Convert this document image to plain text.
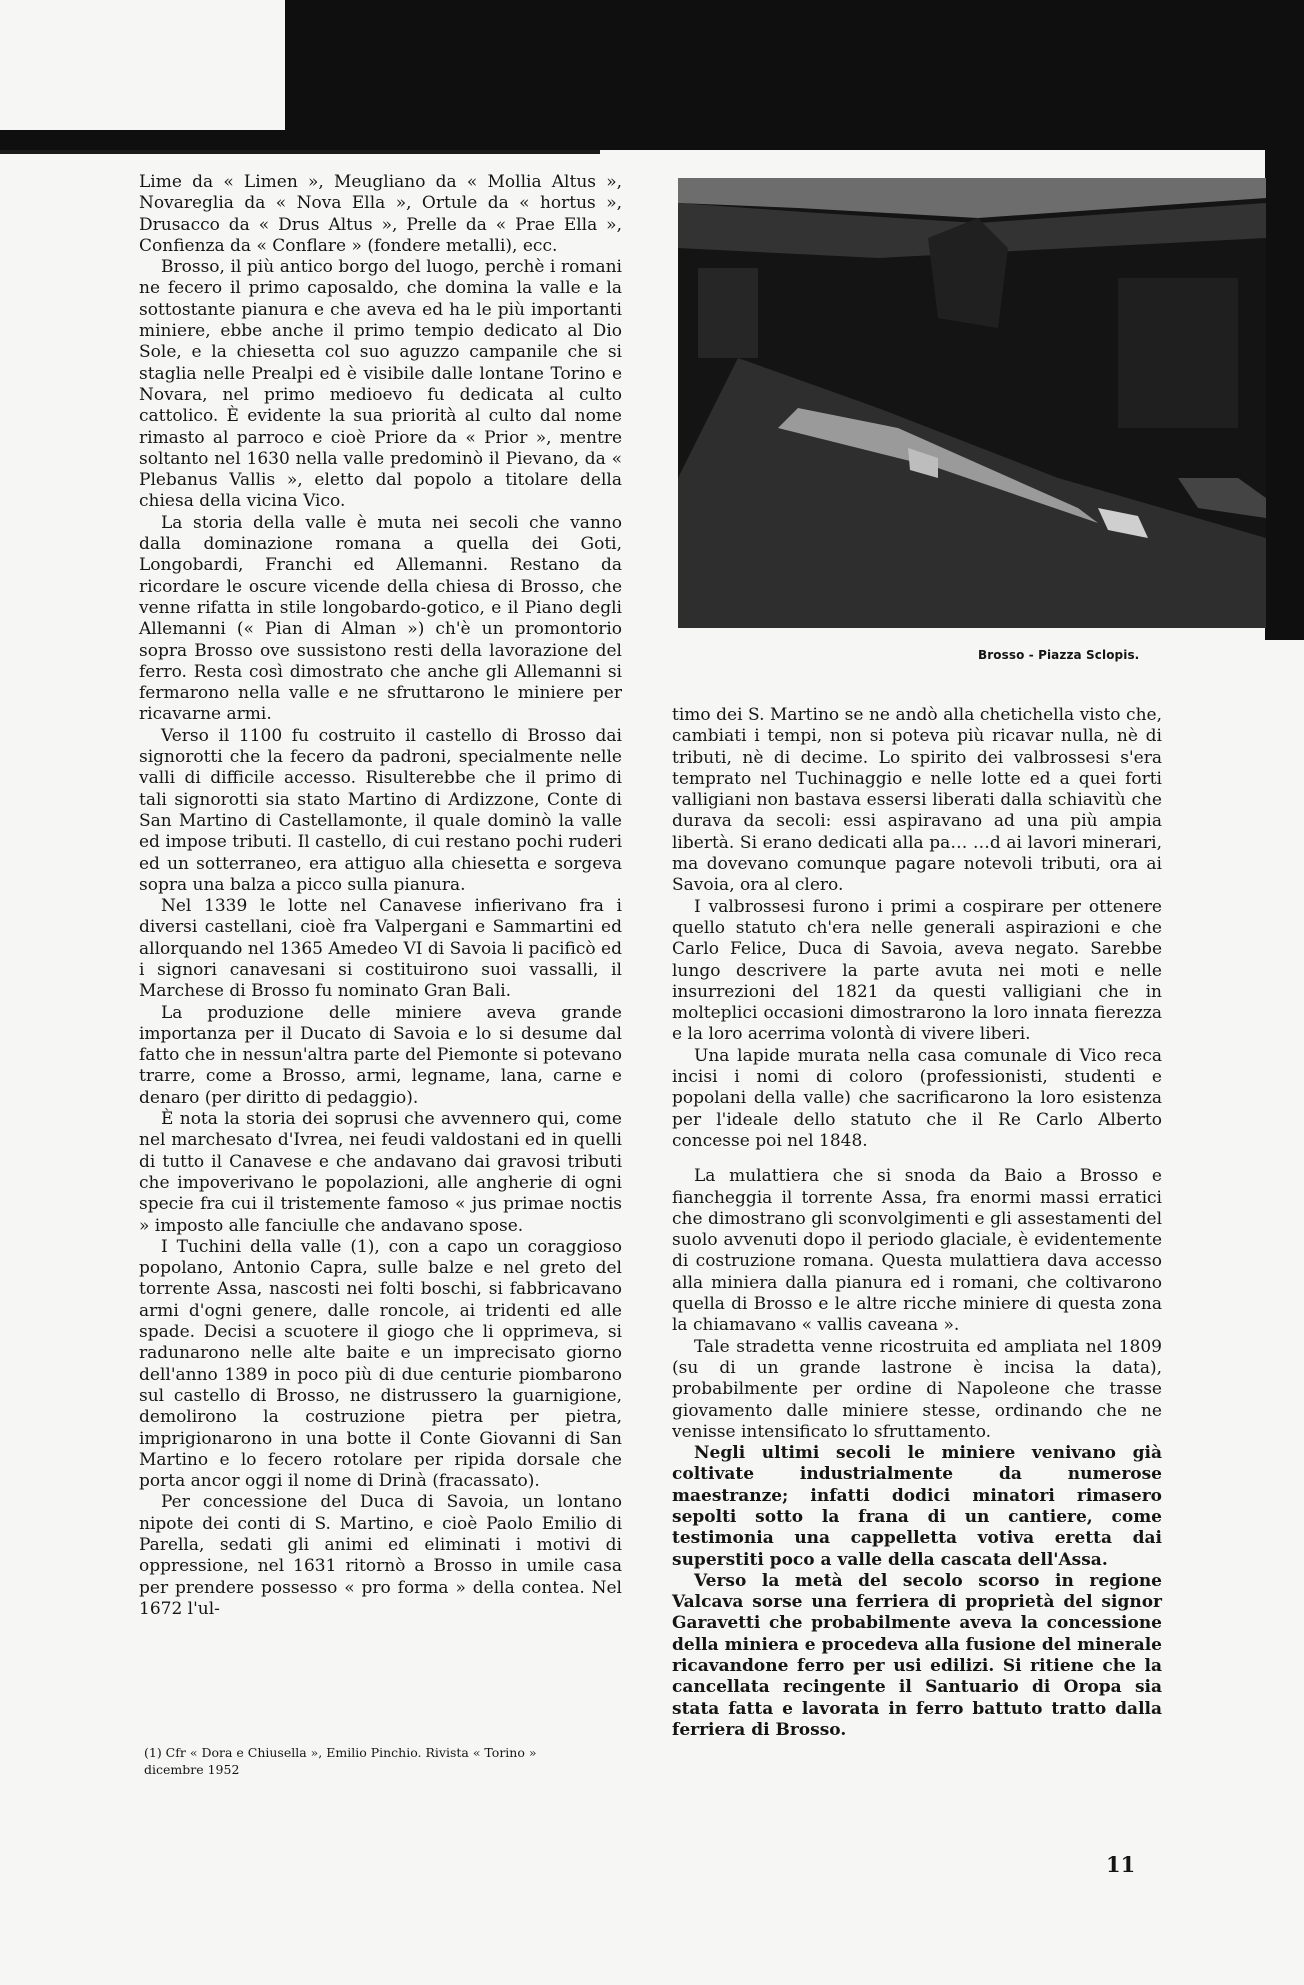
Brosso - Piazza Sclopis.

Lime da « Limen », Meugliano da « Mollia Altus », Novareglia da « Nova Ella », Ortule da « hortus », Drusacco da « Drus Altus », Prelle da « Prae Ella », Confienza da « Conflare » (fondere metalli), ecc.

Brosso, il più antico borgo del luogo, perchè i romani ne fecero il primo caposaldo, che domina la valle e la sottostante pianura e che aveva ed ha le più importanti miniere, ebbe anche il primo tempio dedicato al Dio Sole, e la chiesetta col suo aguzzo campanile che si staglia nelle Prealpi ed è visibile dalle lontane Torino e Novara, nel primo medioevo fu dedicata al culto cattolico. È evidente la sua priorità al culto dal nome rimasto al parroco e cioè Priore da « Prior », mentre soltanto nel 1630 nella valle predominò il Pievano, da « Plebanus Vallis », eletto dal popolo a titolare della chiesa della vicina Vico.

La storia della valle è muta nei secoli che vanno dalla dominazione romana a quella dei Goti, Longobardi, Franchi ed Allemanni. Restano da ricordare le oscure vicende della chiesa di Brosso, che venne rifatta in stile longobardo-gotico, e il Piano degli Allemanni (« Pian di Alman ») ch'è un promontorio sopra Brosso ove sussistono resti della lavorazione del ferro. Resta così dimostrato che anche gli Allemanni si fermarono nella valle e ne sfruttarono le miniere per ricavarne armi.

Verso il 1100 fu costruito il castello di Brosso dai signorotti che la fecero da padroni, specialmente nelle valli di difficile accesso. Risulterebbe che il primo di tali signorotti sia stato Martino di Ardizzone, Conte di San Martino di Castellamonte, il quale dominò la valle ed impose tributi. Il castello, di cui restano pochi ruderi ed un sotterraneo, era attiguo alla chiesetta e sorgeva sopra una balza a picco sulla pianura.

Nel 1339 le lotte nel Canavese infierivano fra i diversi castellani, cioè fra Valpergani e Sammartini ed allorquando nel 1365 Amedeo VI di Savoia li pacificò ed i signori canavesani si costituirono suoi vassalli, il Marchese di Brosso fu nominato Gran Bali.

La produzione delle miniere aveva grande importanza per il Ducato di Savoia e lo si desume dal fatto che in nessun'altra parte del Piemonte si potevano trarre, come a Brosso, armi, legname, lana, carne e denaro (per diritto di pedaggio).

È nota la storia dei soprusi che avvennero qui, come nel marchesato d'Ivrea, nei feudi valdostani ed in quelli di tutto il Canavese e che andavano dai gravosi tributi che impoverivano le popolazioni, alle angherie di ogni specie fra cui il tristemente famoso « jus primae noctis » imposto alle fanciulle che andavano spose.

I Tuchini della valle (1), con a capo un coraggioso popolano, Antonio Capra, sulle balze e nel greto del torrente Assa, nascosti nei folti boschi, si fabbricavano armi d'ogni genere, dalle roncole, ai tridenti ed alle spade. Decisi a scuotere il giogo che li opprimeva, si radunarono nelle alte baite e un imprecisato giorno dell'anno 1389 in poco più di due centurie piombarono sul castello di Brosso, ne distrussero la guarnigione, demolirono la costruzione pietra per pietra, imprigionarono in una botte il Conte Giovanni di San Martino e lo fecero rotolare per ripida dorsale che porta ancor oggi il nome di Drinà (fracassato).

Per concessione del Duca di Savoia, un lontano nipote dei conti di S. Martino, e cioè Paolo Emilio di Parella, sedati gli animi ed eliminati i motivi di oppressione, nel 1631 ritornò a Brosso in umile casa per prendere possesso « pro forma » della contea. Nel 1672 l'ul-

(1) Cfr « Dora e Chiusella », Emilio Pinchio. Rivista « Torino »

dicembre 1952

timo dei S. Martino se ne andò alla chetichella visto che, cambiati i tempi, non si poteva più ricavar nulla, nè di tributi, nè di decime. Lo spirito dei valbrossesi s'era temprato nel Tuchinaggio e nelle lotte ed a quei forti valligiani non bastava essersi liberati dalla schiavitù che durava da secoli: essi aspiravano ad una più ampia libertà. Si erano dedicati alla pa… …d ai lavori minerari, ma dovevano comunque pagare notevoli tributi, ora ai Savoia, ora al clero.

I valbrossesi furono i primi a cospirare per ottenere quello statuto ch'era nelle generali aspirazioni e che Carlo Felice, Duca di Savoia, aveva negato. Sarebbe lungo descrivere la parte avuta nei moti e nelle insurrezioni del 1821 da questi valligiani che in molteplici occasioni dimostrarono la loro innata fierezza e la loro acerrima volontà di vivere liberi.

Una lapide murata nella casa comunale di Vico reca incisi i nomi di coloro (professionisti, studenti e popolani della valle) che sacrificarono la loro esistenza per l'ideale dello statuto che il Re Carlo Alberto concesse poi nel 1848.

La mulattiera che si snoda da Baio a Brosso e fiancheggia il torrente Assa, fra enormi massi erratici che dimostrano gli sconvolgimenti e gli assestamenti del suolo avvenuti dopo il periodo glaciale, è evidentemente di costruzione romana. Questa mulattiera dava accesso alla miniera dalla pianura ed i romani, che coltivarono quella di Brosso e le altre ricche miniere di questa zona la chiamavano « vallis caveana ».

Tale stradetta venne ricostruita ed ampliata nel 1809 (su di un grande lastrone è incisa la data), probabilmente per ordine di Napoleone che trasse giovamento dalle miniere stesse, ordinando che ne venisse intensificato lo sfruttamento.

Negli ultimi secoli le miniere venivano già coltivate industrialmente da numerose maestranze; infatti dodici minatori rimasero sepolti sotto la frana di un cantiere, come testimonia una cappelletta votiva eretta dai superstiti poco a valle della cascata dell'Assa.

Verso la metà del secolo scorso in regione Valcava sorse una ferriera di proprietà del signor Garavetti che probabilmente aveva la concessione della miniera e procedeva alla fusione del minerale ricavandone ferro per usi edilizi. Si ritiene che la cancellata recingente il Santuario di Oropa sia stata fatta e lavorata in ferro battuto tratto dalla ferriera di Brosso.

11
